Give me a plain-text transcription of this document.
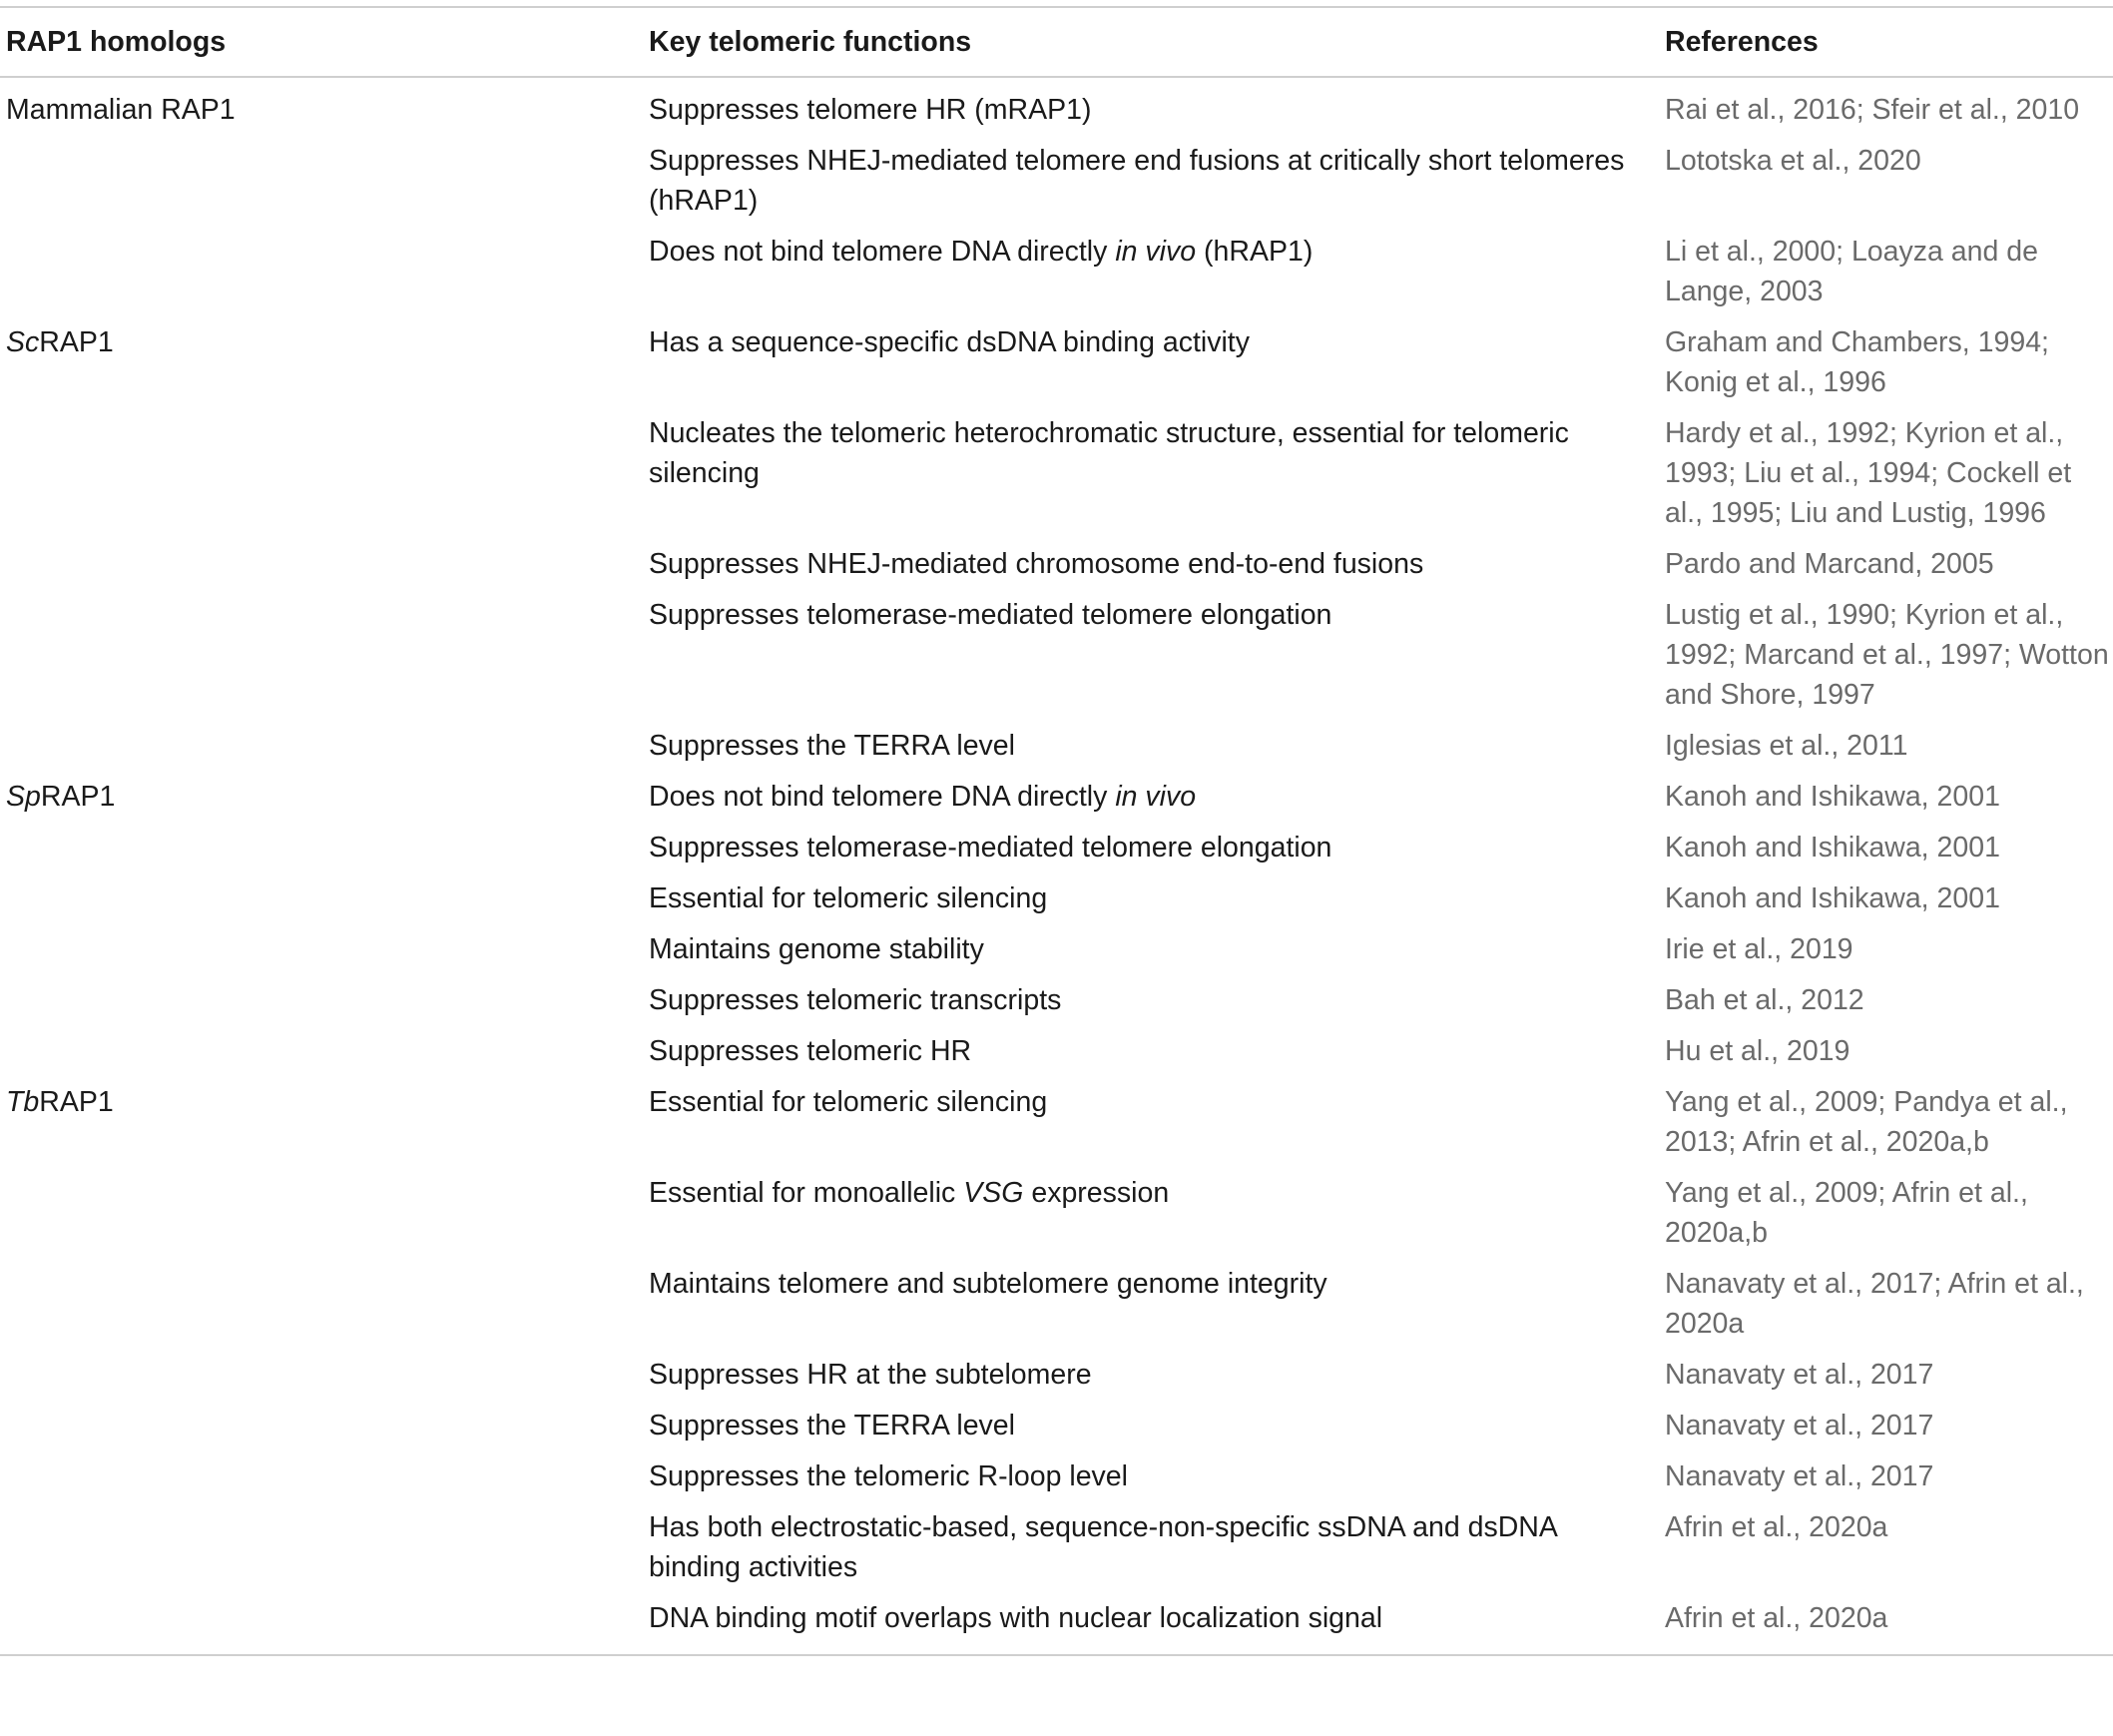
RAP1 homologs	Key telomeric functions	References
Mammalian RAP1	Suppresses telomere HR (mRAP1)	Rai et al., 2016; Sfeir et al., 2010
	Suppresses NHEJ-mediated telomere end fusions at critically short telomeres (hRAP1)	Lototska et al., 2020
	Does not bind telomere DNA directly in vivo (hRAP1)	Li et al., 2000; Loayza and de Lange, 2003
ScRAP1	Has a sequence-specific dsDNA binding activity	Graham and Chambers, 1994; Konig et al., 1996
	Nucleates the telomeric heterochromatic structure, essential for telomeric silencing	Hardy et al., 1992; Kyrion et al., 1993; Liu et al., 1994; Cockell et al., 1995; Liu and Lustig, 1996
	Suppresses NHEJ-mediated chromosome end-to-end fusions	Pardo and Marcand, 2005
	Suppresses telomerase-mediated telomere elongation	Lustig et al., 1990; Kyrion et al., 1992; Marcand et al., 1997; Wotton and Shore, 1997
	Suppresses the TERRA level	Iglesias et al., 2011
SpRAP1	Does not bind telomere DNA directly in vivo	Kanoh and Ishikawa, 2001
	Suppresses telomerase-mediated telomere elongation	Kanoh and Ishikawa, 2001
	Essential for telomeric silencing	Kanoh and Ishikawa, 2001
	Maintains genome stability	Irie et al., 2019
	Suppresses telomeric transcripts	Bah et al., 2012
	Suppresses telomeric HR	Hu et al., 2019
TbRAP1	Essential for telomeric silencing	Yang et al., 2009; Pandya et al., 2013; Afrin et al., 2020a,b
	Essential for monoallelic VSG expression	Yang et al., 2009; Afrin et al., 2020a,b
	Maintains telomere and subtelomere genome integrity	Nanavaty et al., 2017; Afrin et al., 2020a
	Suppresses HR at the subtelomere	Nanavaty et al., 2017
	Suppresses the TERRA level	Nanavaty et al., 2017
	Suppresses the telomeric R-loop level	Nanavaty et al., 2017
	Has both electrostatic-based, sequence-non-specific ssDNA and dsDNA binding activities	Afrin et al., 2020a
	DNA binding motif overlaps with nuclear localization signal	Afrin et al., 2020a
